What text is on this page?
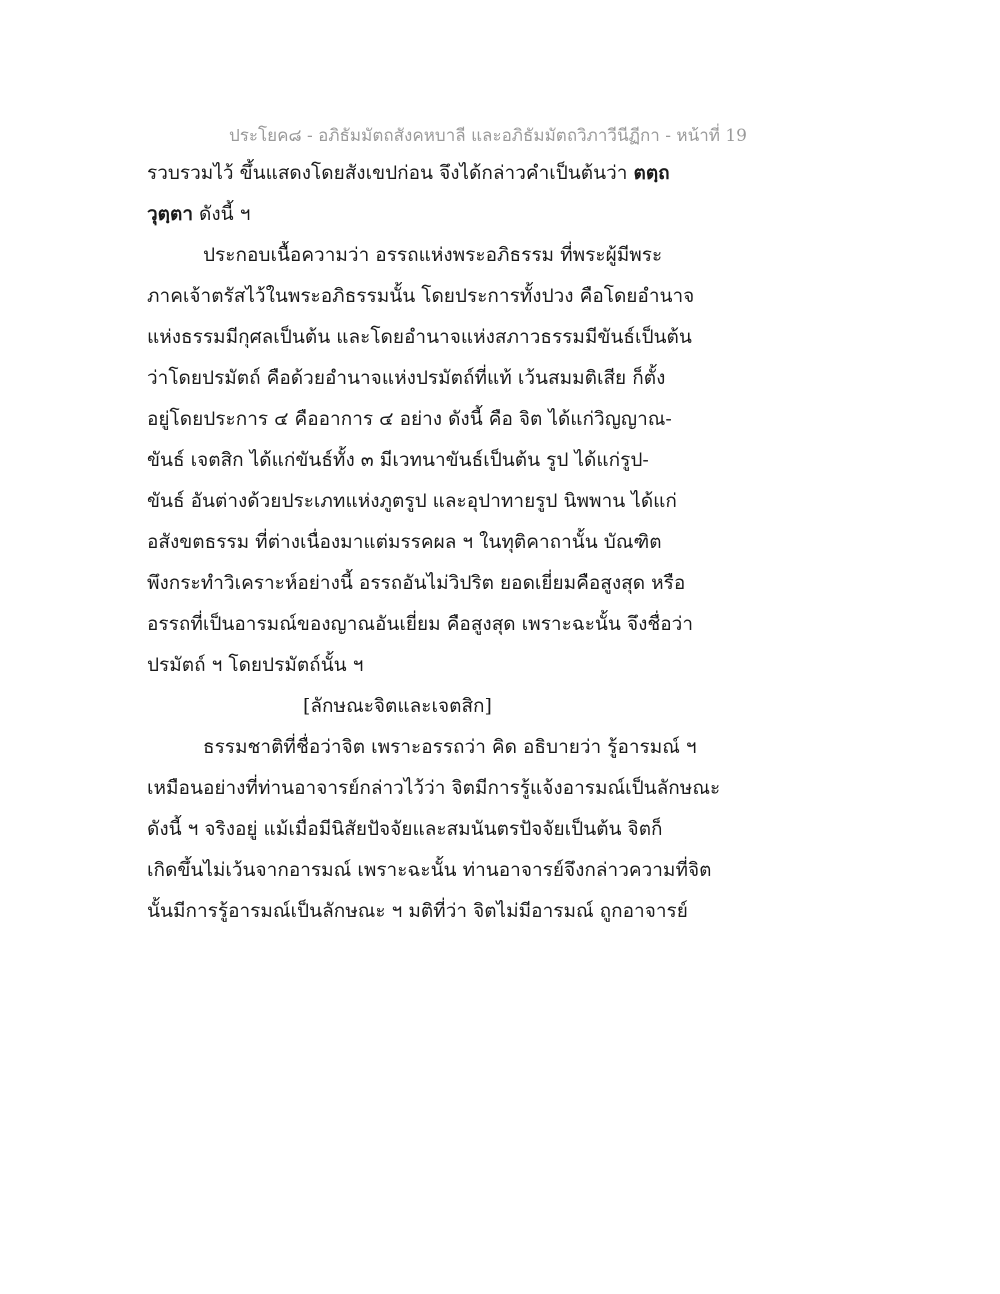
ประโยค๘ - อภิธัมมัตถสังคหบาลี และอภิธัมมัตถวิภาวีนีฏีกา - หน้าที่ 19
รวบรวมไว้ ขึ้นแสดงโดยสังเขปก่อน จึงได้กล่าวคำเป็นต้นว่า ตตฺถ
วุตฺตา ดังนี้ ฯ
ประกอบเนื้อความว่า อรรถแห่งพระอภิธรรม ที่พระผู้มีพระ
ภาคเจ้าตรัสไว้ในพระอภิธรรมนั้น โดยประการทั้งปวง คือโดยอำนาจ
แห่งธรรมมีกุศลเป็นต้น และโดยอำนาจแห่งสภาวธรรมมีขันธ์เป็นต้น
ว่าโดยปรมัตถ์ คือด้วยอำนาจแห่งปรมัตถ์ที่แท้ เว้นสมมติเสีย ก็ตั้ง
อยู่โดยประการ ๔ คืออาการ ๔ อย่าง ดังนี้ คือ จิต ได้แก่วิญญาณ-
ขันธ์ เจตสิก ได้แก่ขันธ์ทั้ง ๓ มีเวทนาขันธ์เป็นต้น รูป ได้แก่รูป-
ขันธ์ อันต่างด้วยประเภทแห่งภูตรูป และอุปาทายรูป นิพพาน ได้แก่
อสังขตธรรม ที่ต่างเนื่องมาแต่มรรคผล ฯ ในทุติคาถานั้น บัณฑิต
พึงกระทำวิเคราะห์อย่างนี้ อรรถอันไม่วิปริต ยอดเยี่ยมคือสูงสุด หรือ
อรรถที่เป็นอารมณ์ของญาณอันเยี่ยม คือสูงสุด เพราะฉะนั้น จึงชื่อว่า
ปรมัตถ์ ฯ โดยปรมัตถ์นั้น ฯ
[ลักษณะจิตและเจตสิก]
ธรรมชาติที่ชื่อว่าจิต เพราะอรรถว่า คิด อธิบายว่า รู้อารมณ์ ฯ
เหมือนอย่างที่ท่านอาจารย์กล่าวไว้ว่า จิตมีการรู้แจ้งอารมณ์เป็นลักษณะ
ดังนี้ ฯ จริงอยู่ แม้เมื่อมีนิสัยปัจจัยและสมนันตรปัจจัยเป็นต้น จิตก็
เกิดขึ้นไม่เว้นจากอารมณ์ เพราะฉะนั้น ท่านอาจารย์จึงกล่าวความที่จิต
นั้นมีการรู้อารมณ์เป็นลักษณะ ฯ มติที่ว่า จิตไม่มีอารมณ์ ถูกอาจารย์
